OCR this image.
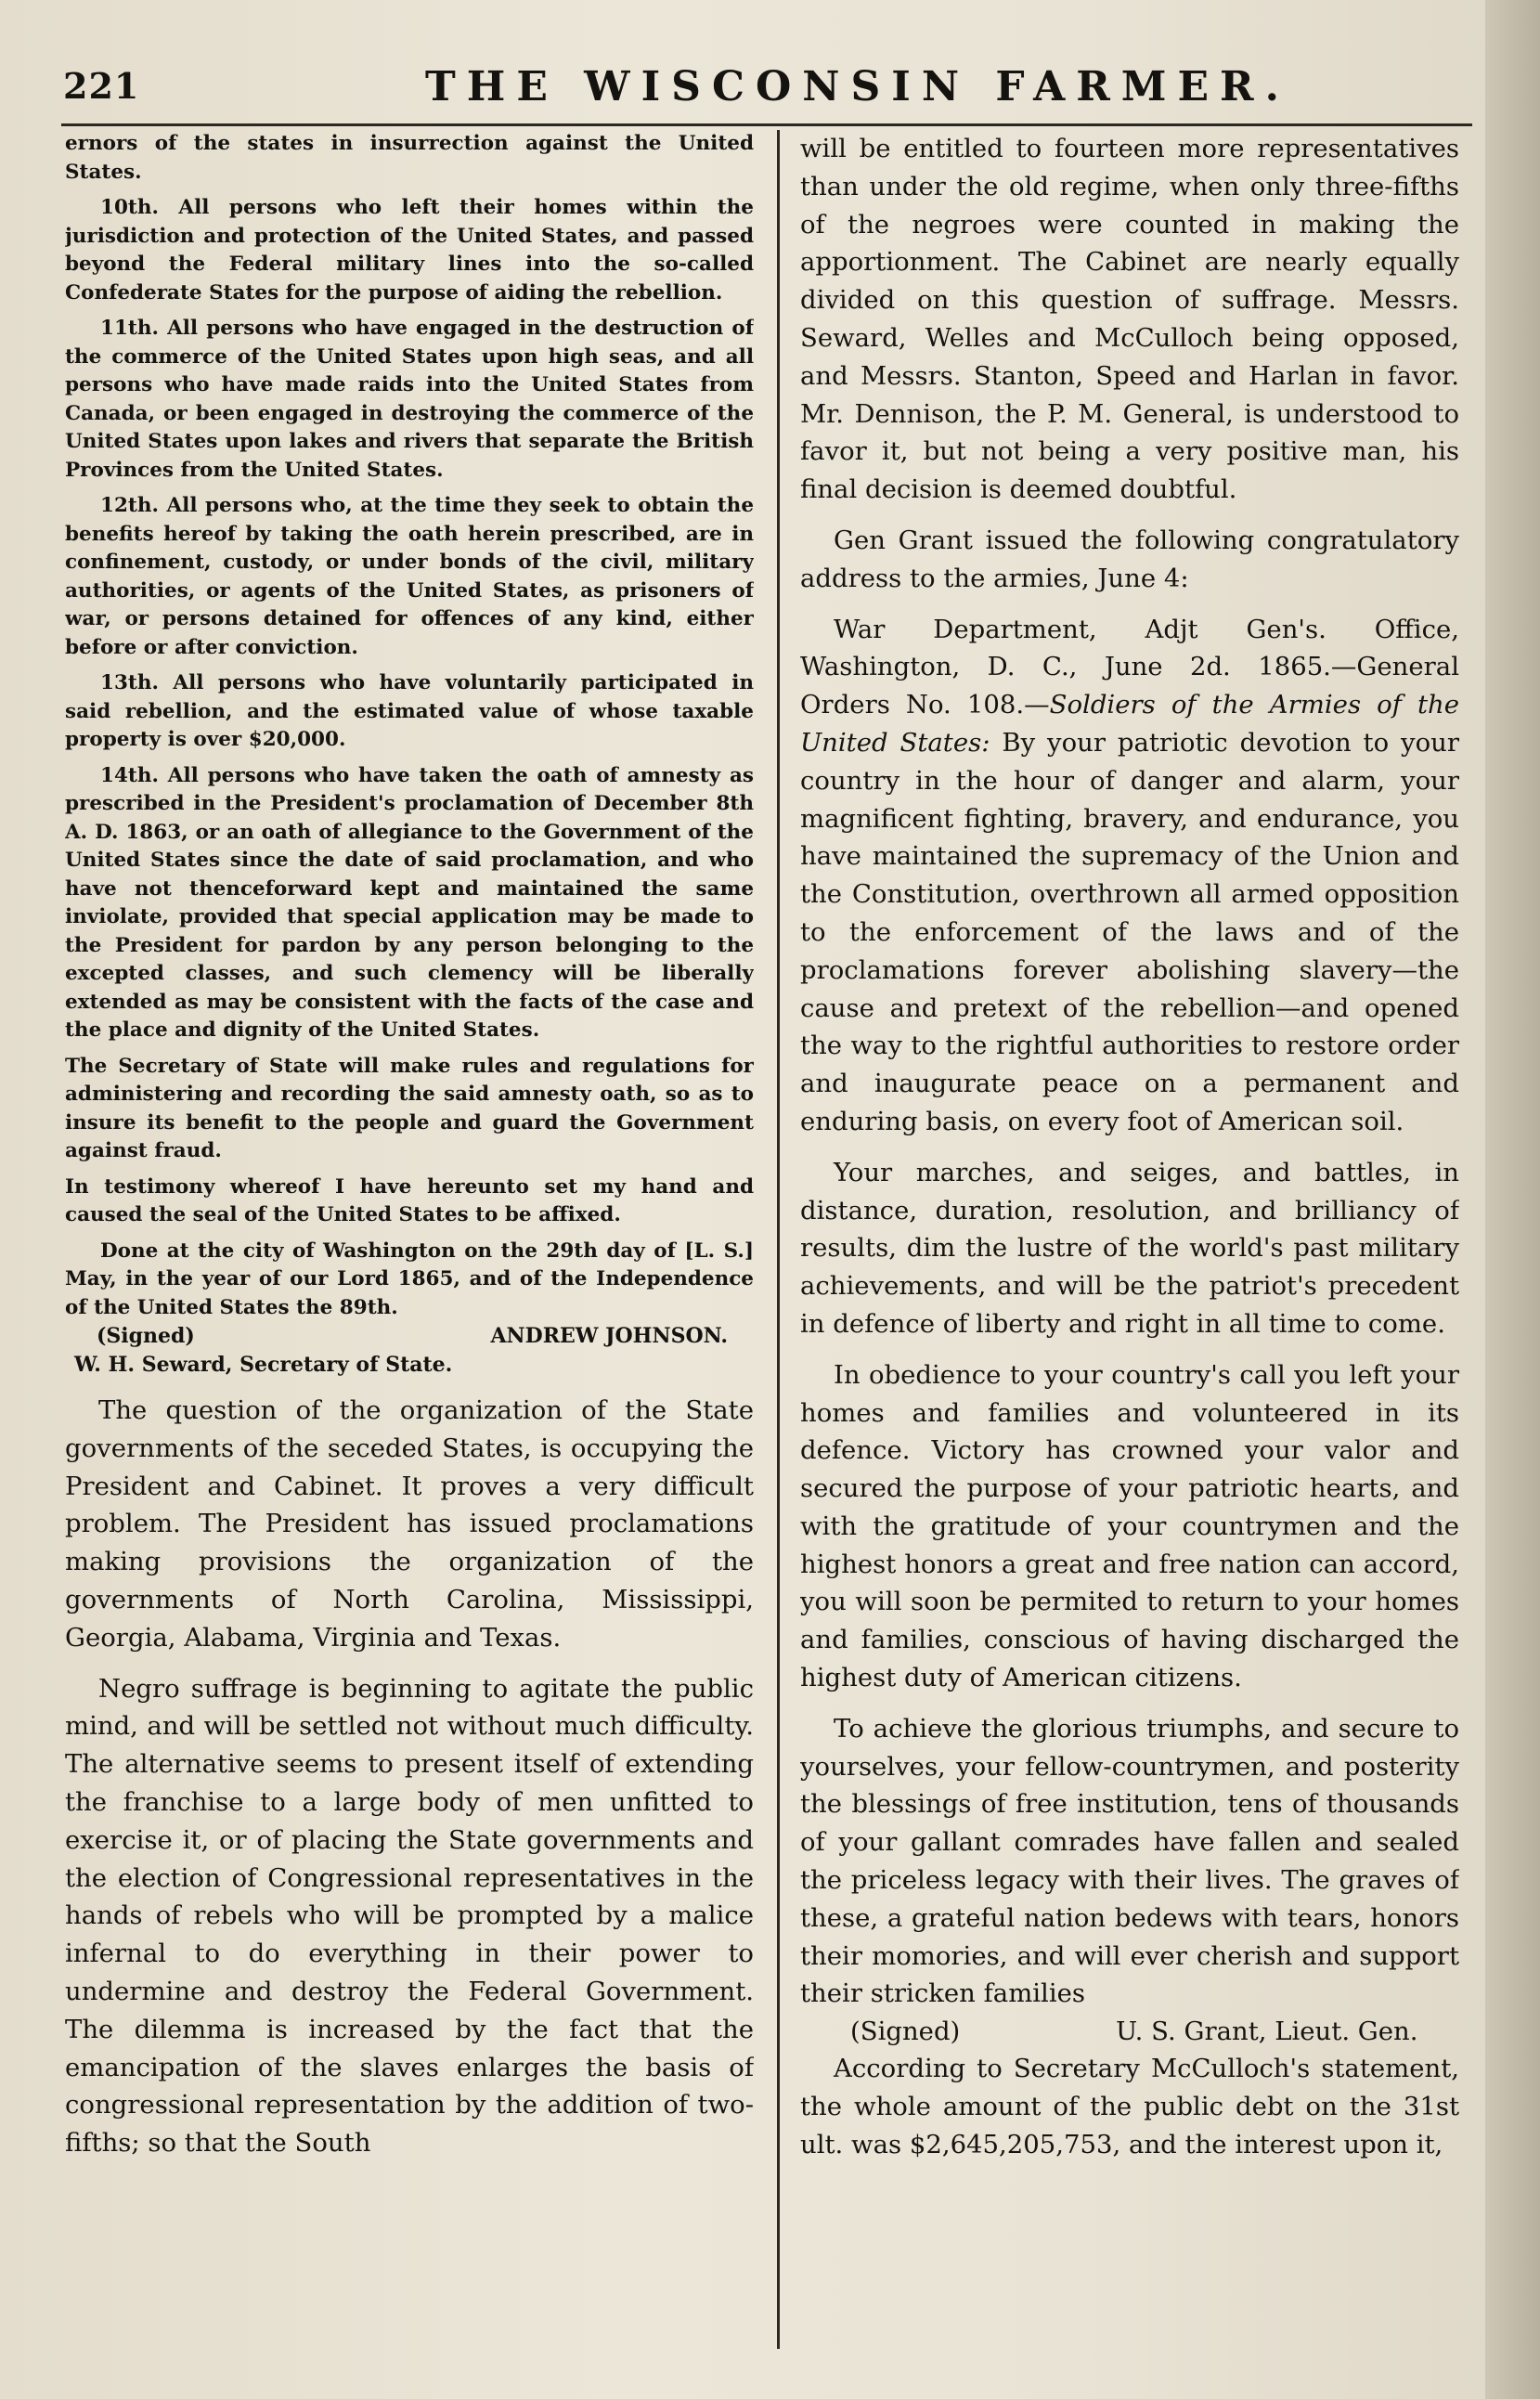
221	THE WISCONSIN FARMER.

ernors of the states in insurrection against the United States.

10th. All persons who left their homes within the jurisdiction and protection of the United States, and passed beyond the Federal military lines into the so-called Confederate States for the purpose of aiding the rebellion.

11th. All persons who have engaged in the destruction of the commerce of the United States upon high seas, and all persons who have made raids into the United States from Canada, or been engaged in destroying the commerce of the United States upon lakes and rivers that separate the British Provinces from the United States.

12th. All persons who, at the time they seek to obtain the benefits hereof by taking the oath herein prescribed, are in confinement, custody, or under bonds of the civil, military authorities, or agents of the United States, as prisoners of war, or persons detained for offences of any kind, either before or after conviction.

13th. All persons who have voluntarily participated in said rebellion, and the estimated value of whose taxable property is over $20,000.

14th. All persons who have taken the oath of amnesty as prescribed in the President's proclamation of December 8th A. D. 1863, or an oath of allegiance to the Government of the United States since the date of said proclamation, and who have not thenceforward kept and maintained the same inviolate, provided that special application may be made to the President for pardon by any person belonging to the excepted classes, and such clemency will be liberally extended as may be consistent with the facts of the case and the place and dignity of the United States.

The Secretary of State will make rules and regulations for administering and recording the said amnesty oath, so as to insure its benefit to the people and guard the Government against fraud.

In testimony whereof I have hereunto set my hand and caused the seal of the United States to be affixed.

Done at the city of Washington on the 29th day of [L. S.] May, in the year of our Lord 1865, and of the Independence of the United States the 89th.

(Signed)	ANDREW JOHNSON.
W. H. Seward, Secretary of State.

The question of the organization of the State governments of the seceded States, is occupying the President and Cabinet. It proves a very difficult problem. The President has issued proclamations making provisions the organization of the governments of North Carolina, Mississippi, Georgia, Alabama, Virginia and Texas.

Negro suffrage is beginning to agitate the public mind, and will be settled not without much difficulty. The alternative seems to present itself of extending the franchise to a large body of men unfitted to exercise it, or of placing the State governments and the election of Congressional representatives in the hands of rebels who will be prompted by a malice infernal to do everything in their power to undermine and destroy the Federal Government. The dilemma is increased by the fact that the emancipation of the slaves enlarges the basis of congressional representation by the addition of two-fifths; so that the South

will be entitled to fourteen more representatives than under the old regime, when only three-fifths of the negroes were counted in making the apportionment. The Cabinet are nearly equally divided on this question of suffrage. Messrs. Seward, Welles and McCulloch being opposed, and Messrs. Stanton, Speed and Harlan in favor. Mr. Dennison, the P. M. General, is understood to favor it, but not being a very positive man, his final decision is deemed doubtful.

Gen Grant issued the following congratulatory address to the armies, June 4:

War Department, Adjt Gen's. Office, Washington, D. C., June 2d. 1865.—General Orders No. 108.—Soldiers of the Armies of the United States: By your patriotic devotion to your country in the hour of danger and alarm, your magnificent fighting, bravery, and endurance, you have maintained the supremacy of the Union and the Constitution, overthrown all armed opposition to the enforcement of the laws and of the proclamations forever abolishing slavery—the cause and pretext of the rebellion—and opened the way to the rightful authorities to restore order and inaugurate peace on a permanent and enduring basis, on every foot of American soil.

Your marches, and seiges, and battles, in distance, duration, resolution, and brilliancy of results, dim the lustre of the world's past military achievements, and will be the patriot's precedent in defence of liberty and right in all time to come.

In obedience to your country's call you left your homes and families and volunteered in its defence. Victory has crowned your valor and secured the purpose of your patriotic hearts, and with the gratitude of your countrymen and the highest honors a great and free nation can accord, you will soon be permited to return to your homes and families, conscious of having discharged the highest duty of American citizens.

To achieve the glorious triumphs, and secure to yourselves, your fellow-countrymen, and posterity the blessings of free institution, tens of thousands of your gallant comrades have fallen and sealed the priceless legacy with their lives. The graves of these, a grateful nation bedews with tears, honors their momories, and will ever cherish and support their stricken families

(Signed)	U. S. Grant, Lieut. Gen.

According to Secretary McCulloch's statement, the whole amount of the public debt on the 31st ult. was $2,645,205,753, and the interest upon it,
